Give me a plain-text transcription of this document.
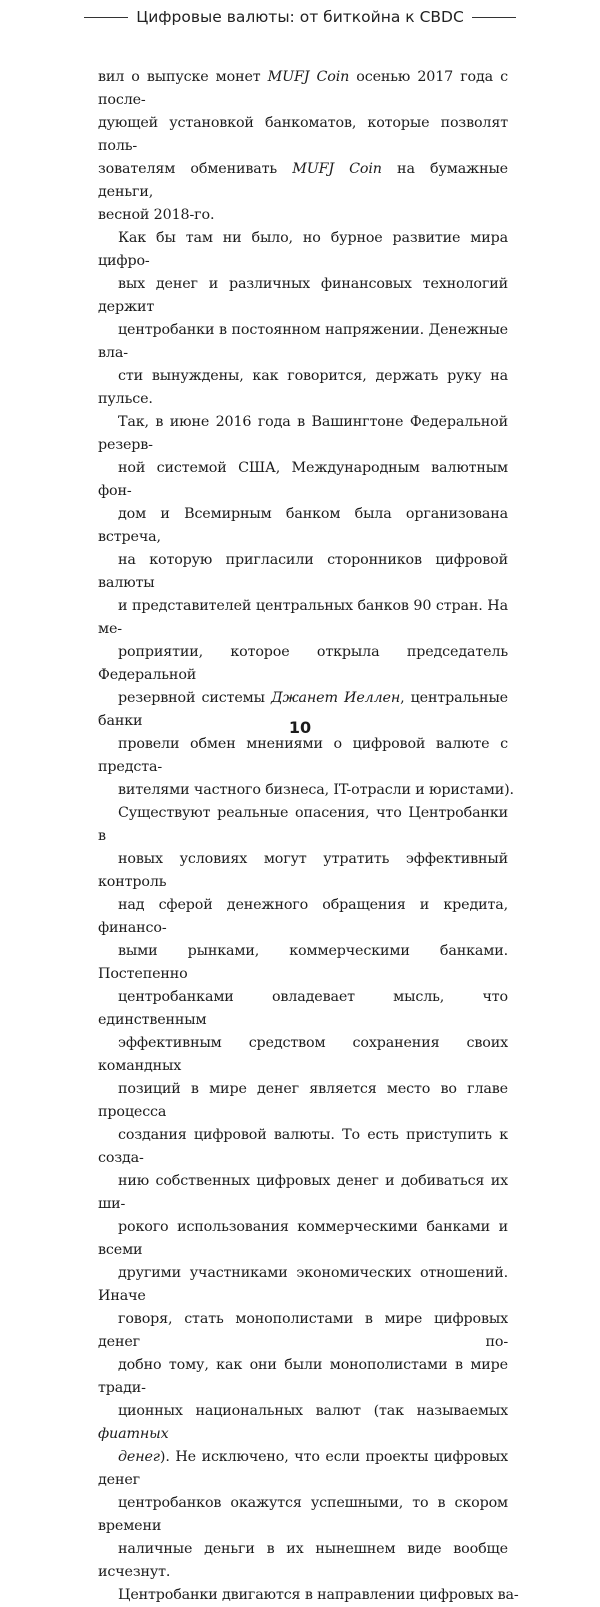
Цифровые валюты: от биткойна к CBDC

вил о выпуске монет MUFJ Coin осенью 2017 года с после-
дующей установкой банкоматов, которые позволят поль-
зователям обменивать MUFJ Coin на бумажные деньги,
весной 2018-го.

Как бы там ни было, но бурное развитие мира цифро-
вых денег и различных финансовых технологий держит
центробанки в постоянном напряжении. Денежные вла-
сти вынуждены, как говорится, держать руку на пульсе.
Так, в июне 2016 года в Вашингтоне Федеральной резерв-
ной системой США, Международным валютным фон-
дом и Всемирным банком была организована встреча,
на которую пригласили сторонников цифровой валюты
и представителей центральных банков 90 стран. На ме-
роприятии, которое открыла председатель Федеральной
резервной системы Джанет Иеллен, центральные банки
провели обмен мнениями о цифровой валюте с предста-
вителями частного бизнеса, IT-отрасли и юристами).

Существуют реальные опасения, что Центробанки в
новых условиях могут утратить эффективный контроль
над сферой денежного обращения и кредита, финансо-
выми рынками, коммерческими банками. Постепенно
центробанками овладевает мысль, что единственным
эффективным средством сохранения своих командных
позиций в мире денег является место во главе процесса
создания цифровой валюты. То есть приступить к созда-
нию собственных цифровых денег и добиваться их ши-
рокого использования коммерческими банками и всеми
другими участниками экономических отношений. Иначе
говоря, стать монополистами в мире цифровых денег по-
добно тому, как они были монополистами в мире тради-
ционных национальных валют (так называемых фиатных
денег). Не исключено, что если проекты цифровых денег
центробанков окажутся успешными, то в скором времени
наличные деньги в их нынешнем виде вообще исчезнут.
Центробанки двигаются в направлении цифровых ва-

10
